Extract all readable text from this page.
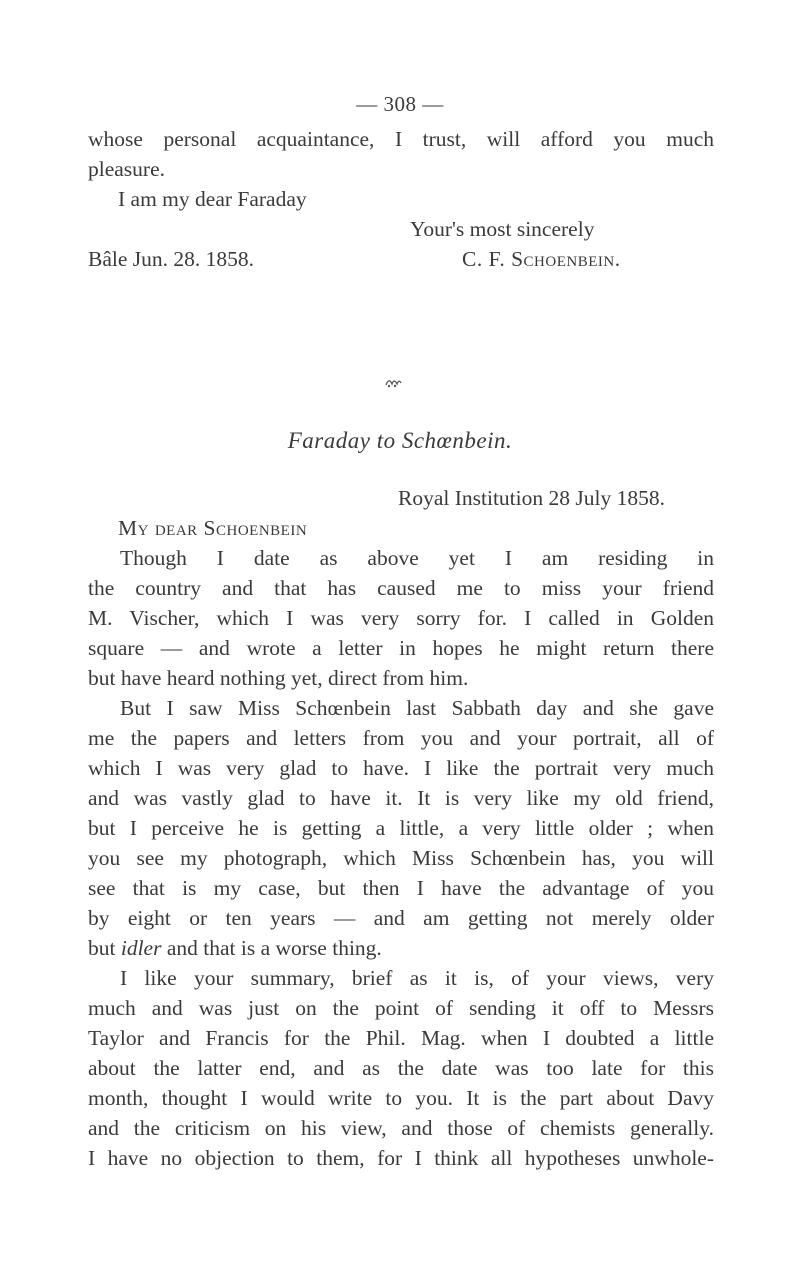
— 308 —
whose personal acquaintance, I trust, will afford you much
pleasure.
I am my dear Faraday
Your's most sincerely
Bâle Jun. 28. 1858.	C. F. Schoenbein.
Faraday to Schœnbein.
Royal Institution 28 July 1858.
My dear Schoenbein
Though I date as above yet I am residing in
the country and that has caused me to miss your friend
M. Vischer, which I was very sorry for. I called in Golden
square — and wrote a letter in hopes he might return there
but have heard nothing yet, direct from him.
But I saw Miss Schœnbein last Sabbath day and she gave
me the papers and letters from you and your portrait, all of
which I was very glad to have. I like the portrait very much
and was vastly glad to have it. It is very like my old friend,
but I perceive he is getting a little, a very little older ; when
you see my photograph, which Miss Schœnbein has, you will
see that is my case, but then I have the advantage of you
by eight or ten years — and am getting not merely older
but idler and that is a worse thing.
I like your summary, brief as it is, of your views, very
much and was just on the point of sending it off to Messrs
Taylor and Francis for the Phil. Mag. when I doubted a little
about the latter end, and as the date was too late for this
month, thought I would write to you. It is the part about Davy
and the criticism on his view, and those of chemists generally.
I have no objection to them, for I think all hypotheses unwhole-
